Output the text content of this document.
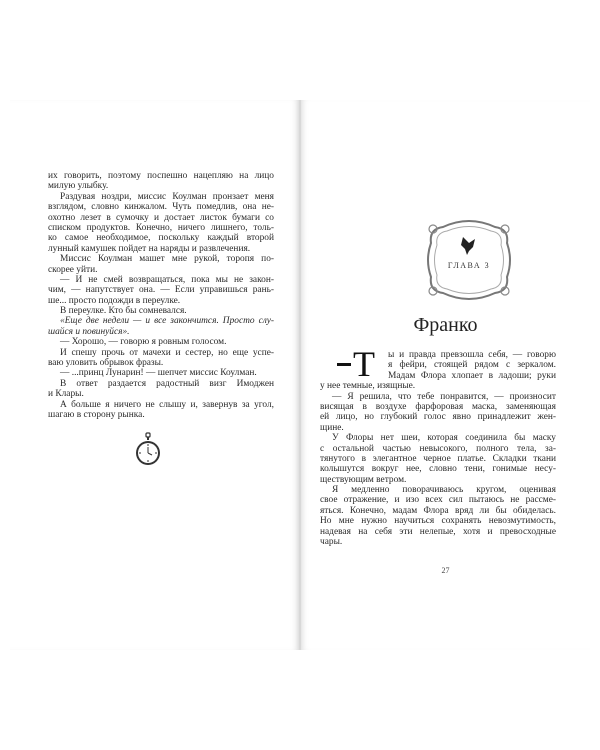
их говорить, поэтому поспешно нацепляю на лицо
милую улыбку.
Раздувая ноздри, миссис Коулман пронзает меня
взглядом, словно кинжалом. Чуть помедлив, она не-
охотно лезет в сумочку и достает листок бумаги со
списком продуктов. Конечно, ничего лишнего, толь-
ко самое необходимое, поскольку каждый второй
лунный камушек пойдет на наряды и развлечения.
Миссис Коулман машет мне рукой, торопя по-
скорее уйти.
— И не смей возвращаться, пока мы не закон-
чим, — напутствует она. — Если управишься рань-
ше... просто подожди в переулке.
В переулке. Кто бы сомневался.
«Еще две недели — и все закончится. Просто слу-
шайся и повинуйся».
— Хорошо, — говорю я ровным голосом.
И спешу прочь от мачехи и сестер, но еще успе-
ваю уловить обрывок фразы.
— ...принц Лунарин! — шепчет миссис Коулман.
В ответ раздается радостный визг Имоджен
и Клары.
А больше я ничего не слышу и, завернув за угол,
шагаю в сторону рынка.
ГЛАВА 3
Франко
Т ы и правда превзошла себя, — говорю
я фейри, стоящей рядом с зеркалом.
Мадам Флора хлопает в ладоши; руки
у нее темные, изящные.
— Я решила, что тебе понравится, — произносит
висящая в воздухе фарфоровая маска, заменяющая
ей лицо, но глубокий голос явно принадлежит жен-
щине.
У Флоры нет шеи, которая соединила бы маску
с остальной частью невысокого, полного тела, за-
тянутого в элегантное черное платье. Складки ткани
колышутся вокруг нее, словно тени, гонимые несу-
ществующим ветром.
Я медленно поворачиваюсь кругом, оценивая
свое отражение, и изо всех сил пытаюсь не рассме-
яться. Конечно, мадам Флора вряд ли бы обиделась.
Но мне нужно научиться сохранять невозмутимость,
надевая на себя эти нелепые, хотя и превосходные
чары.
27
